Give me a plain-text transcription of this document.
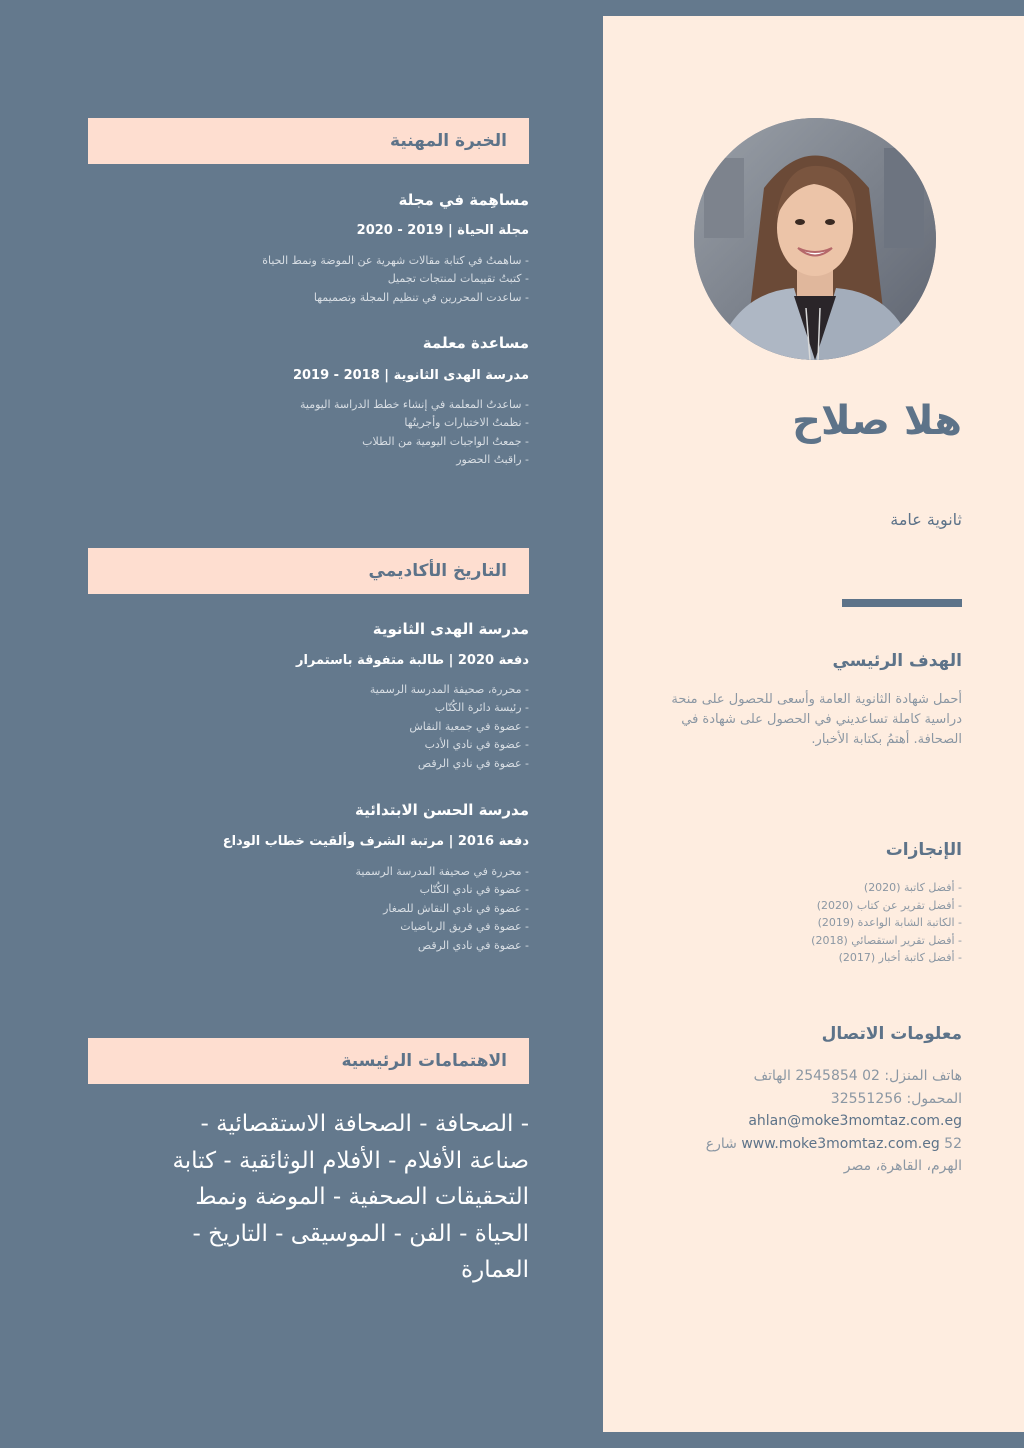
هلا صلاح
ثانوية عامة
الهدف الرئيسي
أحمل شهادة الثانوية العامة وأسعى للحصول على منحة دراسية كاملة تساعديني في الحصول على شهادة في الصحافة. أهتمُ بكتابة الأخبار.
الإنجازات
- أفضل كاتبة (2020)
- أفضل تقرير عن كتاب (2020)
- الكاتبة الشابة الواعدة (2019)
- أفضل تقرير استقصائي (2018)
- أفضل كاتبة أخبار (2017)
معلومات الاتصال
هاتف المنزل: 02 2545854 الهاتف
المحمول: 32551256
ahlan@moke3momtaz.com.eg
www.moke3momtaz.com.eg 52 شارع
الهرم، القاهرة، مصر
الخبرة المهنية
مساهِمة في مجلة
مجلة الحياة | 2019 - 2020
- ساهمتُ في كتابة مقالات شهرية عن الموضة ونمط الحياة
- كتبتُ تقييمات لمنتجات تجميل
- ساعدت المحررين في تنظيم المجلة وتصميمها
مساعدة معلمة
مدرسة الهدى الثانوية | 2018 - 2019
- ساعدتُ المعلمة في إنشاء خطط الدراسة اليومية
- نظمتُ الاختبارات وأجريتُها
- جمعتُ الواجبات اليومية من الطلاب
- راقبتُ الحضور
التاريخ الأكاديمي
مدرسة الهدى الثانوية
دفعة 2020 | طالبة متفوقة باستمرار
- محررة، صحيفة المدرسة الرسمية
- رئيسة دائرة الكُتّاب
- عضوة في جمعية النقاش
- عضوة في نادي الأدب
- عضوة في نادي الرقص
مدرسة الحسن الابتدائية
دفعة 2016 | مرتبة الشرف وألقيت خطاب الوداع
- محررة في صحيفة المدرسة الرسمية
- عضوة في نادي الكُتّاب
- عضوة في نادي النقاش للصغار
- عضوة في فريق الرياضيات
- عضوة في نادي الرقص
الاهتمامات الرئيسية
- الصحافة - الصحافة الاستقصائية - صناعة الأفلام - الأفلام الوثائقية - كتابة التحقيقات الصحفية - الموضة ونمط الحياة - الفن - الموسيقى - التاريخ - العمارة
